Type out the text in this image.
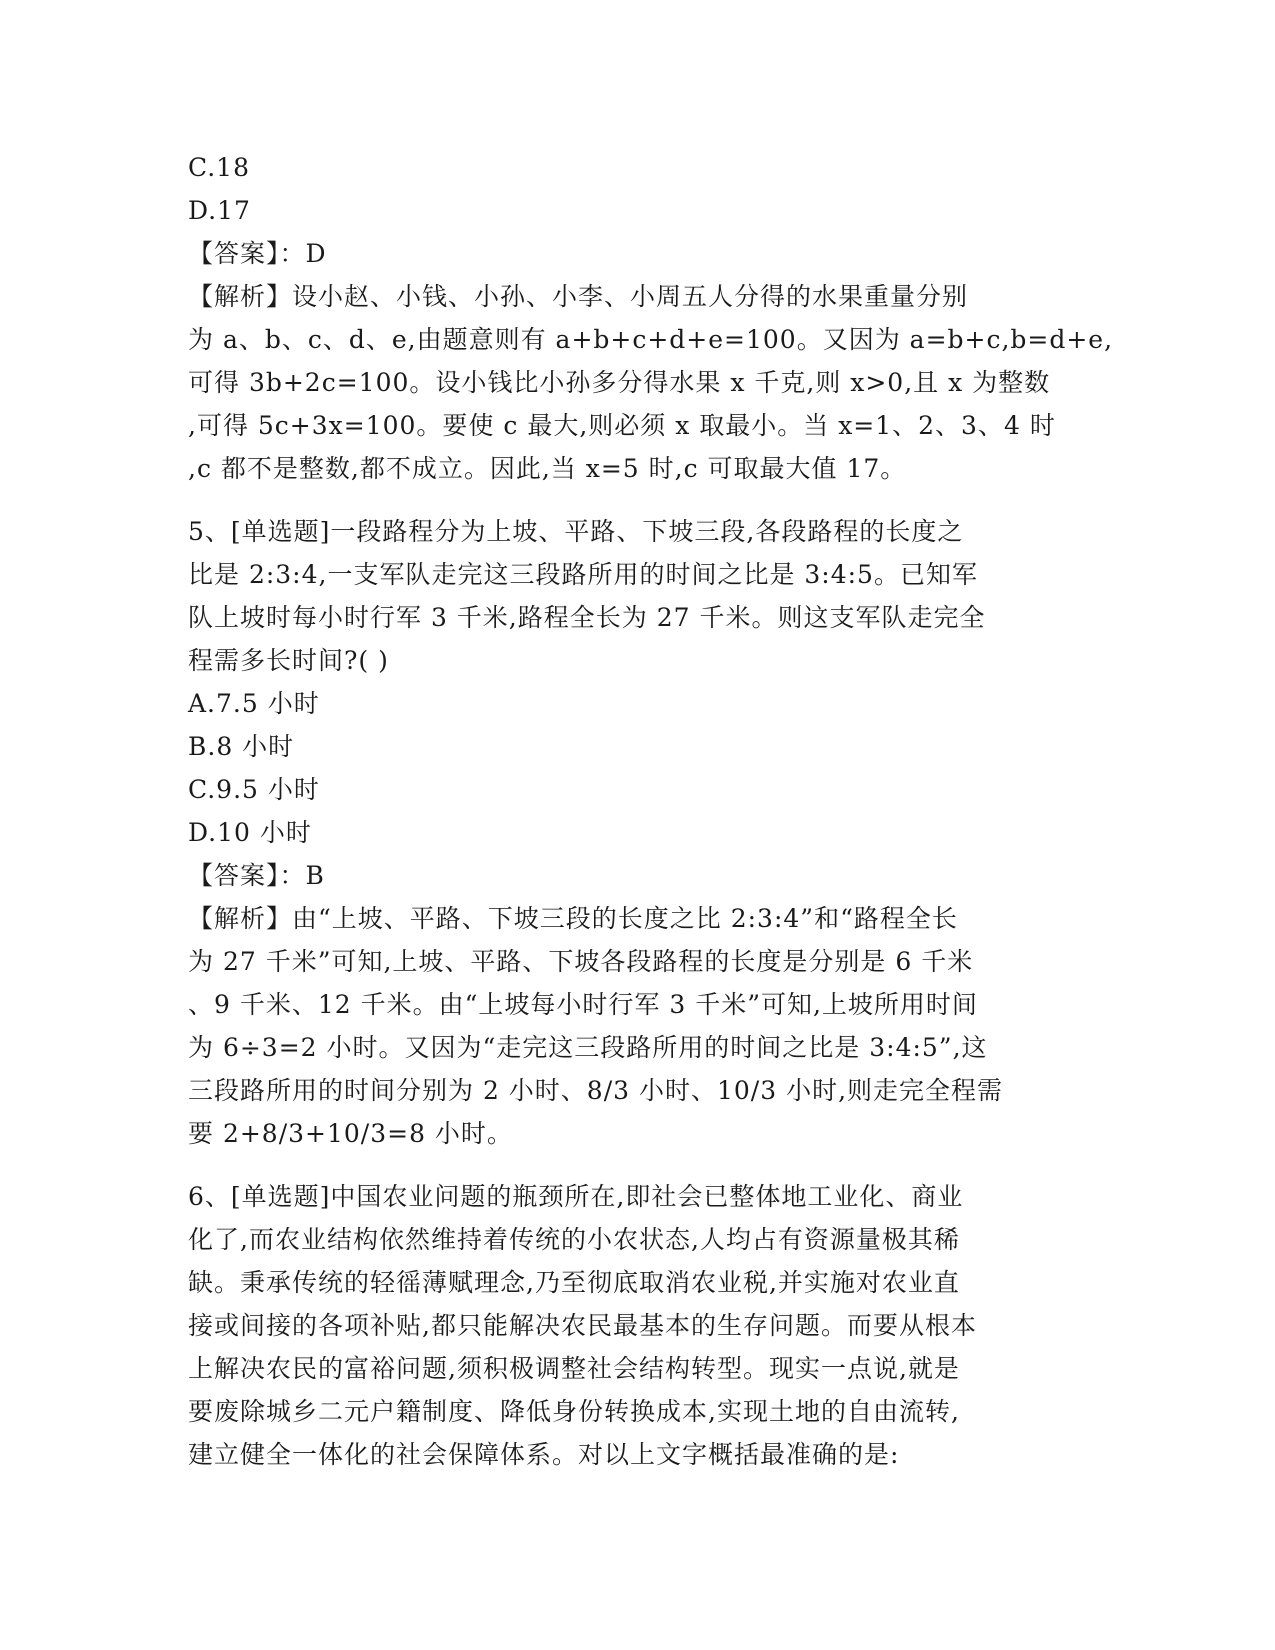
C.18
D.17
【答案】：D
【解析】设小赵、小钱、小孙、小李、小周五人分得的水果重量分别
为 a、b、c、d、e,由题意则有 a+b+c+d+e=100。又因为 a=b+c,b=d+e,
可得 3b+2c=100。设小钱比小孙多分得水果 x 千克,则 x>0,且 x 为整数
,可得 5c+3x=100。要使 c 最大,则必须 x 取最小。当 x=1、2、3、4 时
,c 都不是整数,都不成立。因此,当 x=5 时,c 可取最大值 17。
5、[单选题]一段路程分为上坡、平路、下坡三段,各段路程的长度之
比是 2:3:4,一支军队走完这三段路所用的时间之比是 3:4:5。已知军
队上坡时每小时行军 3 千米,路程全长为 27 千米。则这支军队走完全
程需多长时间?( )
A.7.5 小时
B.8 小时
C.9.5 小时
D.10 小时
【答案】：B
【解析】由“上坡、平路、下坡三段的长度之比 2:3:4”和“路程全长
为 27 千米”可知,上坡、平路、下坡各段路程的长度是分别是 6 千米
、9 千米、12 千米。由“上坡每小时行军 3 千米”可知,上坡所用时间
为 6÷3=2 小时。又因为“走完这三段路所用的时间之比是 3:4:5”,这
三段路所用的时间分别为 2 小时、8/3 小时、10/3 小时,则走完全程需
要 2+8/3+10/3=8 小时。
6、[单选题]中国农业问题的瓶颈所在,即社会已整体地工业化、商业
化了,而农业结构依然维持着传统的小农状态,人均占有资源量极其稀
缺。秉承传统的轻徭薄赋理念,乃至彻底取消农业税,并实施对农业直
接或间接的各项补贴,都只能解决农民最基本的生存问题。而要从根本
上解决农民的富裕问题,须积极调整社会结构转型。现实一点说,就是
要废除城乡二元户籍制度、降低身份转换成本,实现土地的自由流转,
建立健全一体化的社会保障体系。对以上文字概括最准确的是:
